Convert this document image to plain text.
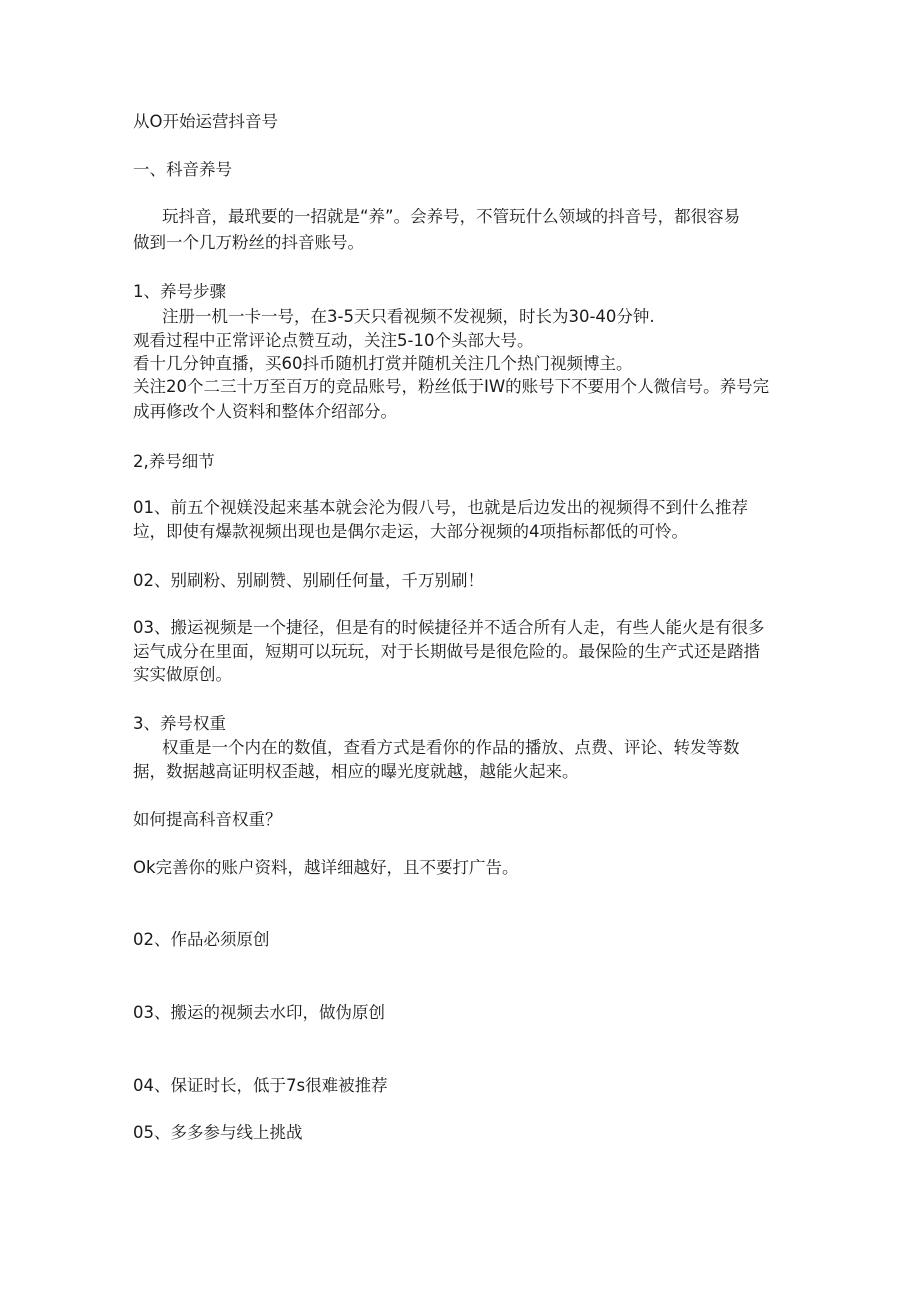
从O开始运营抖音号
一、科音养号
玩抖音，最玳要的一招就是“养”。会养号，不管玩什么领域的抖音号，都很容易
做到一个几万粉丝的抖音账号。
1、养号步骤
注册一机一卡一号，在3-5天只看视频不发视频，时长为30-40分钟.
观看过程中正常评论点赞互动，关注5-10个头部大号。
看十几分钟直播，买60抖币随机打赏并随机关注几个热门视频博主。
关注20个二三十万至百万的竞品账号，粉丝低于IW的账号下不要用个人微信号。养号完
成再修改个人资料和整体介绍部分。
2,养号细节
01、前五个视媄没起来基本就会沦为假八号，也就是后边发出的视频得不到什么推荐
垃，即使有爆款视频出现也是偶尔走运，大部分视频的4项指标都低的可怜。
02、别刷粉、别刷赞、别刷任何量，千万别刷！
03、搬运视频是一个捷径，但是有的时候捷径并不适合所有人走，有些人能火是有很多
运气成分在里面，短期可以玩玩，对于长期做号是很危险的。最保险的生产式还是踏揩
实实做原创。
3、养号权重
权重是一个内在的数值，查看方式是看你的作品的播放、点费、评论、转发等数
据，数据越高证明权歪越，相应的曝光度就越，越能火起来。
如何提高科音权重？
Ok完善你的账户资料，越详细越好，且不要打广告。
02、作品必须原创
03、搬运的视频去水印，做伪原创
04、保证时长，低于7s很难被推荐
05、多多参与线上挑战
